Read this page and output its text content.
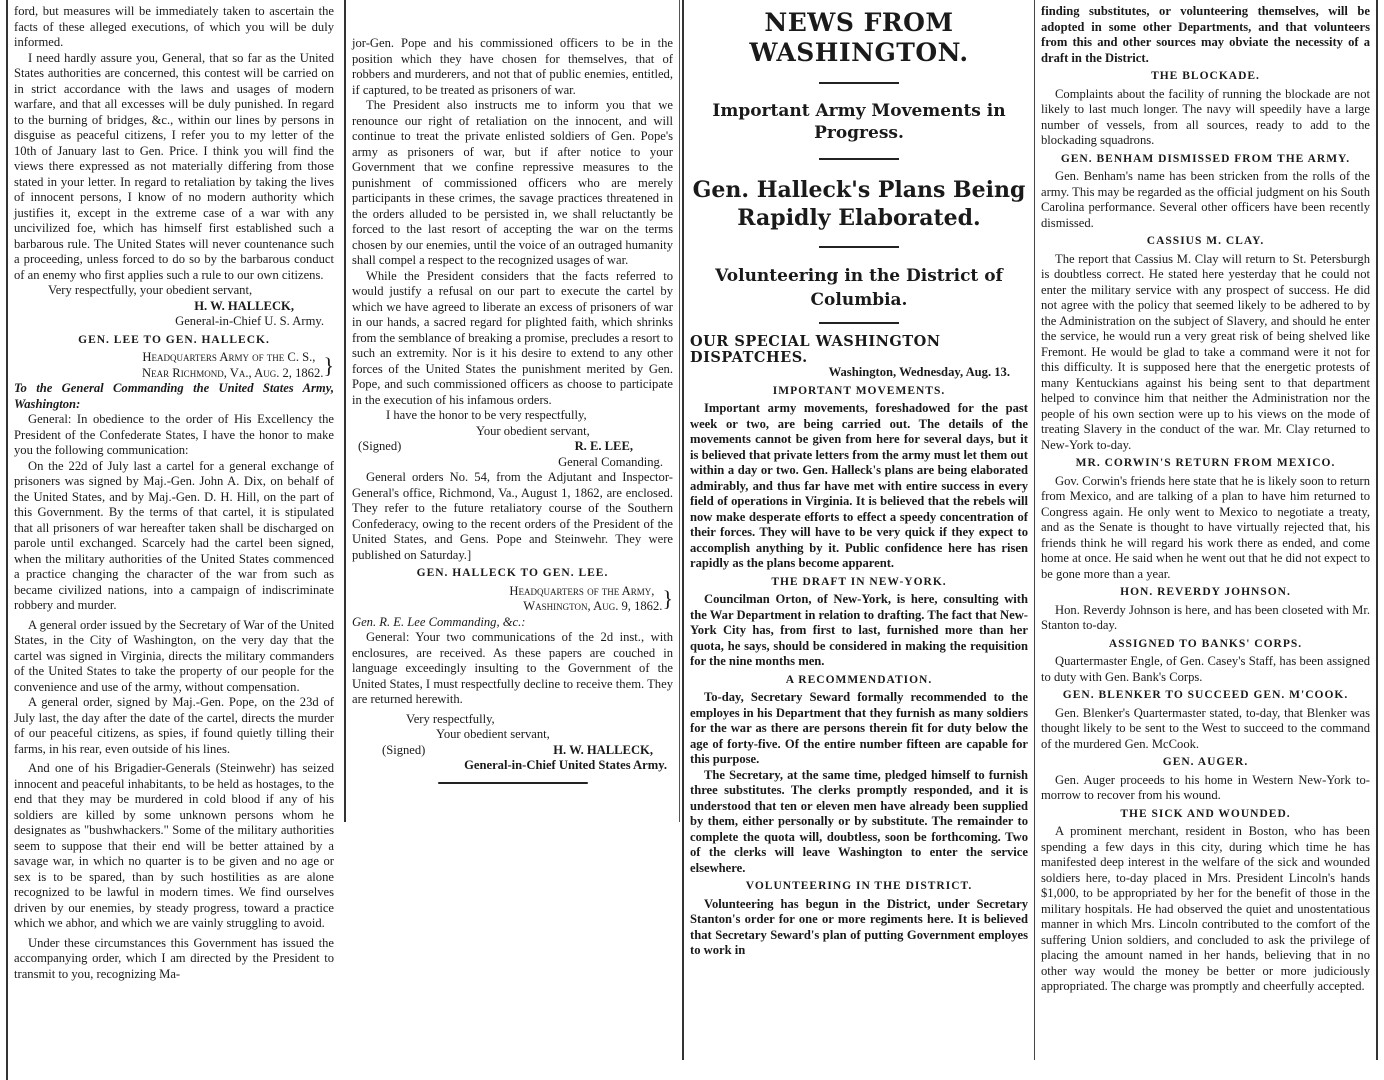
ford, but measures will be immediately taken to ascertain the facts of these alleged executions, of which you will be duly informed.

I need hardly assure you, General, that so far as the United States authorities are concerned, this contest will be carried on in strict accordance with the laws and usages of modern warfare, and that all excesses will be duly punished. In regard to the burning of bridges, &c., within our lines by persons in disguise as peaceful citizens, I refer you to my letter of the 10th of January last to Gen. Price. I think you will find the views there expressed as not materially differing from those stated in your letter. In regard to retaliation by taking the lives of innocent persons, I know of no modern authority which justifies it, except in the extreme case of a war with any uncivilized foe, which has himself first established such a barbarous rule. The United States will never countenance such a proceeding, unless forced to do so by the barbarous conduct of an enemy who first applies such a rule to our own citizens.

Very respectfully, your obedient servant,

H. W. HALLECK,

General-in-Chief U. S. Army.

GEN. LEE TO GEN. HALLECK.

Headquarters Army of the C. S.,

Near Richmond, Va., Aug. 2, 1862. }

To the General Commanding the United States Army, Washington:

General: In obedience to the order of His Excellency the President of the Confederate States, I have the honor to make you the following communication:

On the 22d of July last a cartel for a general exchange of prisoners was signed by Maj.-Gen. John A. Dix, on behalf of the United States, and by Maj.-Gen. D. H. Hill, on the part of this Government. By the terms of that cartel, it is stipulated that all prisoners of war hereafter taken shall be discharged on parole until exchanged. Scarcely had the cartel been signed, when the military authorities of the United States commenced a practice changing the character of the war from such as became civilized nations, into a campaign of indiscriminate robbery and murder.

A general order issued by the Secretary of War of the United States, in the City of Washington, on the very day that the cartel was signed in Virginia, directs the military commanders of the United States to take the property of our people for the convenience and use of the army, without compensation.

A general order, signed by Maj.-Gen. Pope, on the 23d of July last, the day after the date of the cartel, directs the murder of our peaceful citizens, as spies, if found quietly tilling their farms, in his rear, even outside of his lines.

And one of his Brigadier-Generals (Steinwehr) has seized innocent and peaceful inhabitants, to be held as hostages, to the end that they may be murdered in cold blood if any of his soldiers are killed by some unknown persons whom he designates as "bushwhackers." Some of the military authorities seem to suppose that their end will be better attained by a savage war, in which no quarter is to be given and no age or sex is to be spared, than by such hostilities as are alone recognized to be lawful in modern times. We find ourselves driven by our enemies, by steady progress, toward a practice which we abhor, and which we are vainly struggling to avoid.

Under these circumstances this Government has issued the accompanying order, which I am directed by the President to transmit to you, recognizing Ma-

jor-Gen. Pope and his commissioned officers to be in the position which they have chosen for themselves, that of robbers and murderers, and not that of public enemies, entitled, if captured, to be treated as prisoners of war.

The President also instructs me to inform you that we renounce our right of retaliation on the innocent, and will continue to treat the private enlisted soldiers of Gen. Pope's army as prisoners of war, but if after notice to your Government that we confine repressive measures to the punishment of commissioned officers who are merely participants in these crimes, the savage practices threatened in the orders alluded to be persisted in, we shall reluctantly be forced to the last resort of accepting the war on the terms chosen by our enemies, until the voice of an outraged humanity shall compel a respect to the recognized usages of war.

While the President considers that the facts referred to would justify a refusal on our part to execute the cartel by which we have agreed to liberate an excess of prisoners of war in our hands, a sacred regard for plighted faith, which shrinks from the semblance of breaking a promise, precludes a resort to such an extremity. Nor is it his desire to extend to any other forces of the United States the punishment merited by Gen. Pope, and such commissioned officers as choose to participate in the execution of his infamous orders.

I have the honor to be very respectfully,

Your obedient servant,

(Signed)	R. E. LEE,

General Comanding.

General orders No. 54, from the Adjutant and Inspector-General's office, Richmond, Va., August 1, 1862, are enclosed. They refer to the future retaliatory course of the Southern Confederacy, owing to the recent orders of the President of the United States, and Gens. Pope and Steinwehr. They were published on Saturday.]

GEN. HALLECK TO GEN. LEE.

Headquarters of the Army,

Washington, Aug. 9, 1862. }

Gen. R. E. Lee Commanding, &c.:

General: Your two communications of the 2d inst., with enclosures, are received. As these papers are couched in language exceedingly insulting to the Government of the United States, I must respectfully decline to receive them. They are returned herewith.

Very respectfully,

Your obedient servant,

(Signed)	H. W. HALLECK,

General-in-Chief United States Army.

NEWS FROM WASHINGTON.

Important Army Movements in Progress.

Gen. Halleck's Plans Being Rapidly Elaborated.

Volunteering in the District of Columbia.

OUR SPECIAL WASHINGTON DISPATCHES.

Washington, Wednesday, Aug. 13.

IMPORTANT MOVEMENTS.

Important army movements, foreshadowed for the past week or two, are being carried out. The details of the movements cannot be given from here for several days, but it is believed that private letters from the army must let them out within a day or two. Gen. Halleck's plans are being elaborated admirably, and thus far have met with entire success in every field of operations in Virginia. It is believed that the rebels will now make desperate efforts to effect a speedy concentration of their forces. They will have to be very quick if they expect to accomplish anything by it. Public confidence here has risen rapidly as the plans become apparent.

THE DRAFT IN NEW-YORK.

Councilman Orton, of New-York, is here, consulting with the War Department in relation to drafting. The fact that New-York City has, from first to last, furnished more than her quota, he says, should be considered in making the requisition for the nine months men.

A RECOMMENDATION.

To-day, Secretary Seward formally recommended to the employes in his Department that they furnish as many soldiers for the war as there are persons therein fit for duty below the age of forty-five. Of the entire number fifteen are capable for this purpose.

The Secretary, at the same time, pledged himself to furnish three substitutes. The clerks promptly responded, and it is understood that ten or eleven men have already been supplied by them, either personally or by substitute. The remainder to complete the quota will, doubtless, soon be forthcoming. Two of the clerks will leave Washington to enter the service elsewhere.

VOLUNTEERING IN THE DISTRICT.

Volunteering has begun in the District, under Secretary Stanton's order for one or more regiments here. It is believed that Secretary Seward's plan of putting Government employes to work in

finding substitutes, or volunteering themselves, will be adopted in some other Departments, and that volunteers from this and other sources may obviate the necessity of a draft in the District.

THE BLOCKADE.

Complaints about the facility of running the blockade are not likely to last much longer. The navy will speedily have a large number of vessels, from all sources, ready to add to the blockading squadrons.

GEN. BENHAM DISMISSED FROM THE ARMY.

Gen. Benham's name has been stricken from the rolls of the army. This may be regarded as the official judgment on his South Carolina performance. Several other officers have been recently dismissed.

CASSIUS M. CLAY.

The report that Cassius M. Clay will return to St. Petersburgh is doubtless correct. He stated here yesterday that he could not enter the military service with any prospect of success. He did not agree with the policy that seemed likely to be adhered to by the Administration on the subject of Slavery, and should he enter the service, he would run a very great risk of being shelved like Fremont. He would be glad to take a command were it not for this difficulty. It is supposed here that the energetic protests of many Kentuckians against his being sent to that department helped to convince him that neither the Administration nor the people of his own section were up to his views on the mode of treating Slavery in the conduct of the war. Mr. Clay returned to New-York to-day.

MR. CORWIN'S RETURN FROM MEXICO.

Gov. Corwin's friends here state that he is likely soon to return from Mexico, and are talking of a plan to have him returned to Congress again. He only went to Mexico to negotiate a treaty, and as the Senate is thought to have virtually rejected that, his friends think he will regard his work there as ended, and come home at once. He said when he went out that he did not expect to be gone more than a year.

HON. REVERDY JOHNSON.

Hon. Reverdy Johnson is here, and has been closeted with Mr. Stanton to-day.

ASSIGNED TO BANKS' CORPS.

Quartermaster Engle, of Gen. Casey's Staff, has been assigned to duty with Gen. Bank's Corps.

GEN. BLENKER TO SUCCEED GEN. M'COOK.

Gen. Blenker's Quartermaster stated, to-day, that Blenker was thought likely to be sent to the West to succeed to the command of the murdered Gen. McCook.

GEN. AUGER.

Gen. Auger proceeds to his home in Western New-York to-morrow to recover from his wound.

THE SICK AND WOUNDED.

A prominent merchant, resident in Boston, who has been spending a few days in this city, during which time he has manifested deep interest in the welfare of the sick and wounded soldiers here, to-day placed in Mrs. President Lincoln's hands $1,000, to be appropriated by her for the benefit of those in the military hospitals. He had observed the quiet and unostentatious manner in which Mrs. Lincoln contributed to the comfort of the suffering Union soldiers, and concluded to ask the privilege of placing the amount named in her hands, believing that in no other way would the money be better or more judiciously appropriated. The charge was promptly and cheerfully accepted.
